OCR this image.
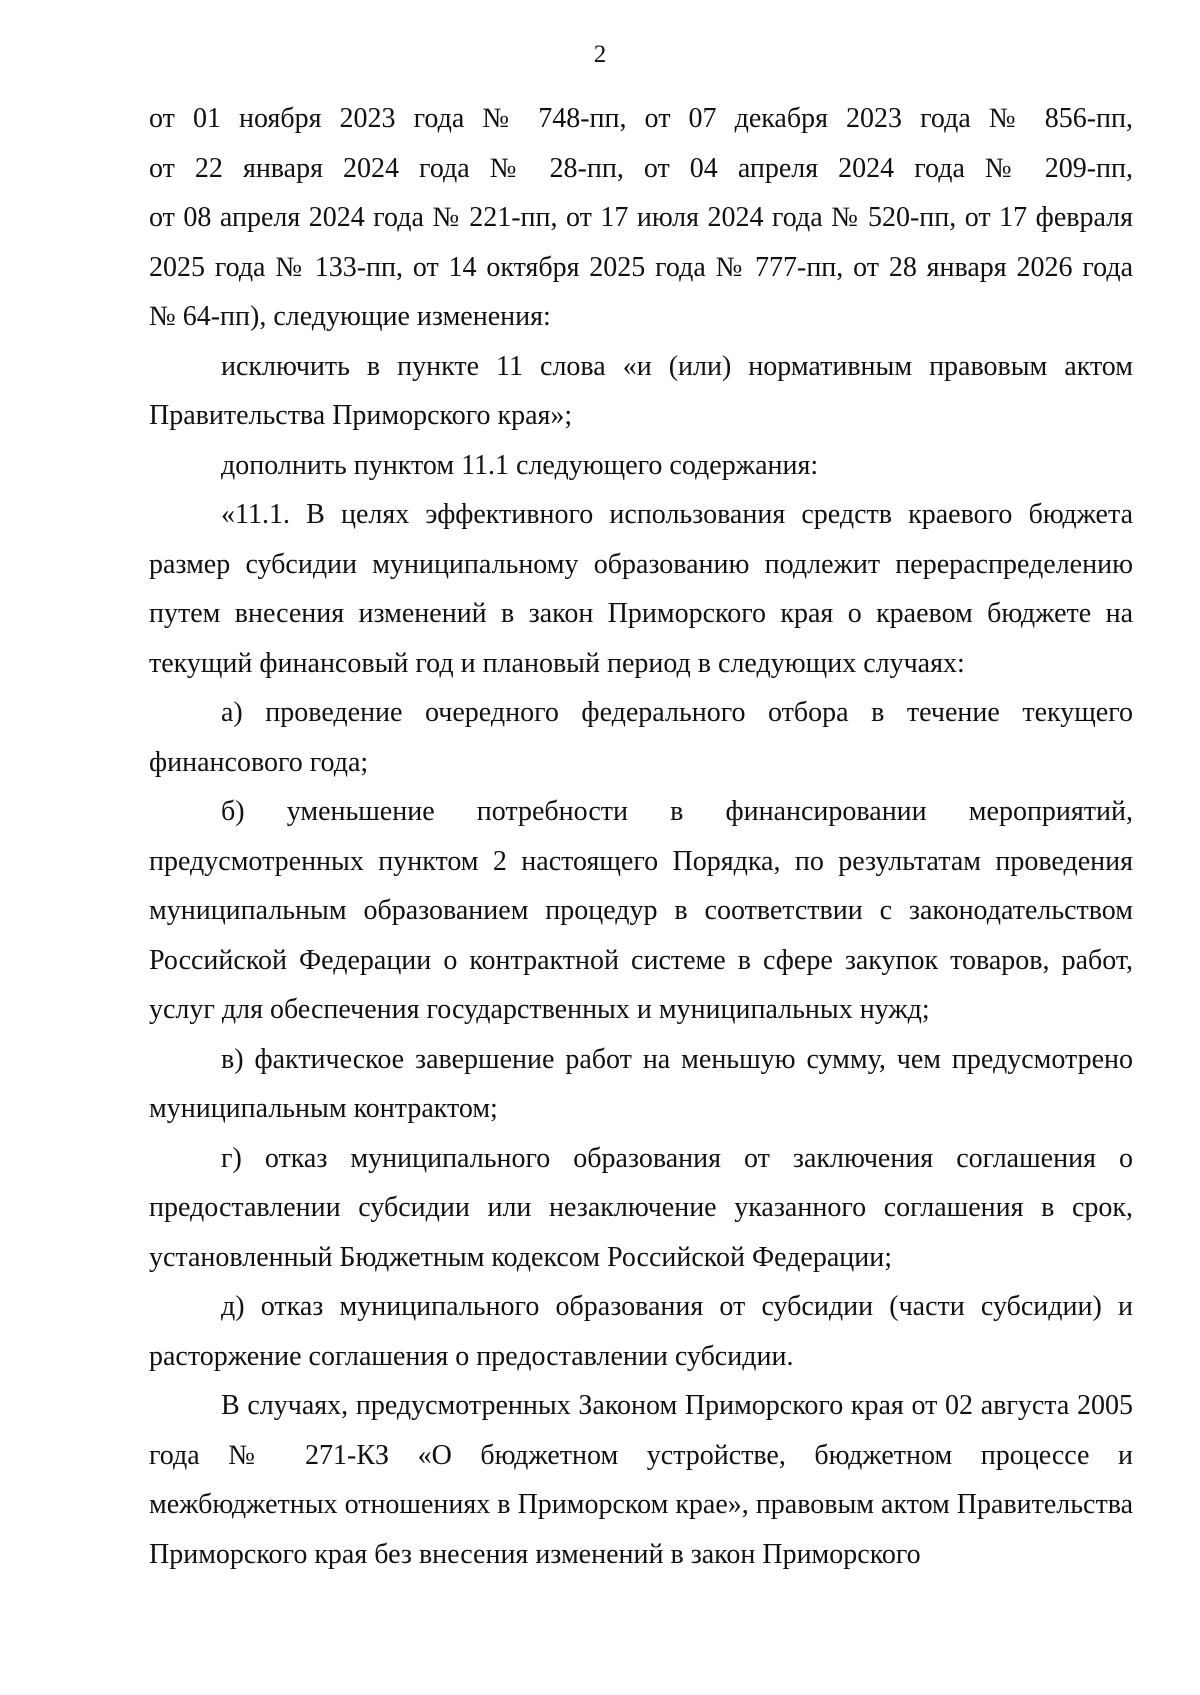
2
от 01 ноября 2023 года № 748-пп, от 07 декабря 2023 года № 856-пп,
от 22 января 2024 года № 28-пп, от 04 апреля 2024 года № 209-пп,
от 08 апреля 2024 года № 221-пп, от 17 июля 2024 года № 520-пп, от 17 февраля
2025 года № 133-пп, от 14 октября 2025 года № 777-пп, от 28 января 2026 года
№ 64-пп), следующие изменения:

исключить в пункте 11 слова «и (или) нормативным правовым актом Правительства Приморского края»;

дополнить пунктом 11.1 следующего содержания:

«11.1. В целях эффективного использования средств краевого бюджета размер субсидии муниципальному образованию подлежит перераспределению путем внесения изменений в закон Приморского края о краевом бюджете на текущий финансовый год и плановый период в следующих случаях:

а) проведение очередного федерального отбора в течение текущего финансового года;

б) уменьшение потребности в финансировании мероприятий, предусмотренных пунктом 2 настоящего Порядка, по результатам проведения муниципальным образованием процедур в соответствии с законодательством Российской Федерации о контрактной системе в сфере закупок товаров, работ, услуг для обеспечения государственных и муниципальных нужд;

в) фактическое завершение работ на меньшую сумму, чем предусмотрено муниципальным контрактом;

г) отказ муниципального образования от заключения соглашения о предоставлении субсидии или незаключение указанного соглашения в срок, установленный Бюджетным кодексом Российской Федерации;

д) отказ муниципального образования от субсидии (части субсидии) и расторжение соглашения о предоставлении субсидии.

В случаях, предусмотренных Законом Приморского края от 02 августа 2005 года № 271-КЗ «О бюджетном устройстве, бюджетном процессе и межбюджетных отношениях в Приморском крае», правовым актом Правительства Приморского края без внесения изменений в закон Приморского
